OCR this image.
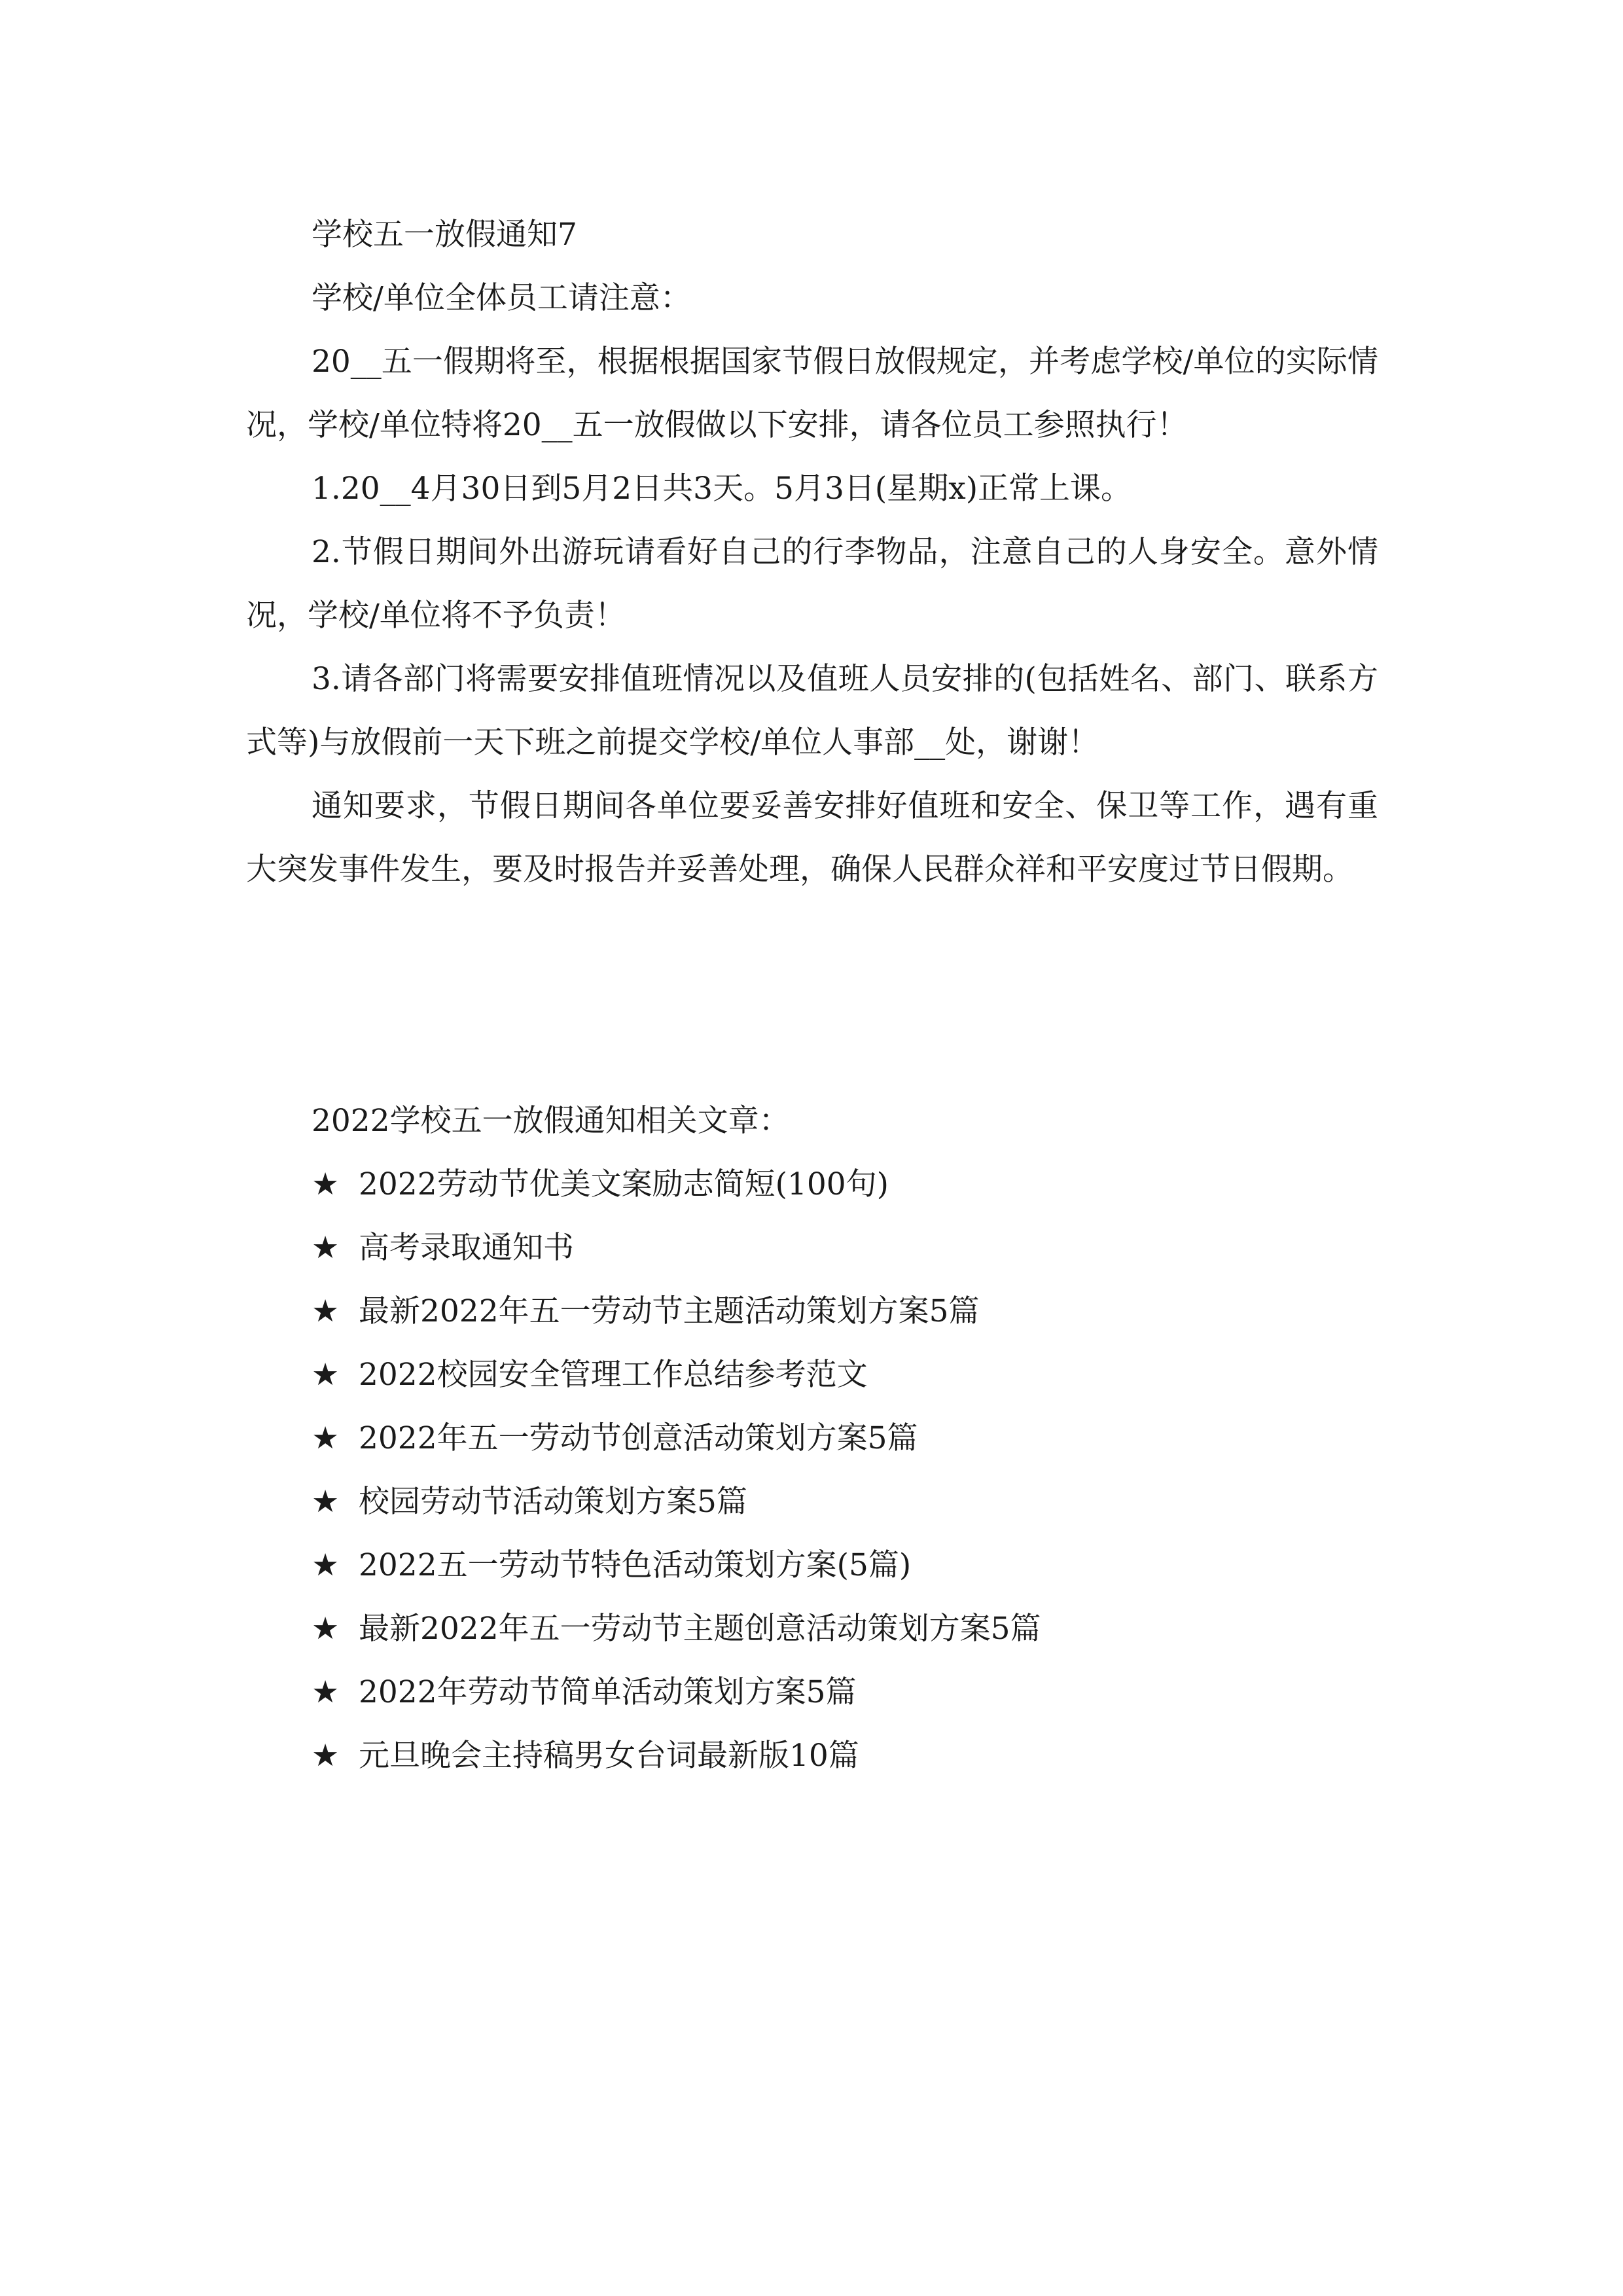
学校五一放假通知7

学校/单位全体员工请注意：

20__五一假期将至，根据根据国家节假日放假规定，并考虑学校/单位的实际情况，学校/单位特将20__五一放假做以下安排，请各位员工参照执行！

1.20__4月30日到5月2日共3天。5月3日(星期x)正常上课。

2.节假日期间外出游玩请看好自己的行李物品，注意自己的人身安全。意外情况，学校/单位将不予负责！

3.请各部门将需要安排值班情况以及值班人员安排的(包括姓名、部门、联系方式等)与放假前一天下班之前提交学校/单位人事部__处，谢谢！

通知要求，节假日期间各单位要妥善安排好值班和安全、保卫等工作，遇有重大突发事件发生，要及时报告并妥善处理，确保人民群众祥和平安度过节日假期。

2022学校五一放假通知相关文章：

★ 2022劳动节优美文案励志简短(100句)
★ 高考录取通知书
★ 最新2022年五一劳动节主题活动策划方案5篇
★ 2022校园安全管理工作总结参考范文
★ 2022年五一劳动节创意活动策划方案5篇
★ 校园劳动节活动策划方案5篇
★ 2022五一劳动节特色活动策划方案(5篇)
★ 最新2022年五一劳动节主题创意活动策划方案5篇
★ 2022年劳动节简单活动策划方案5篇
★ 元旦晚会主持稿男女台词最新版10篇
